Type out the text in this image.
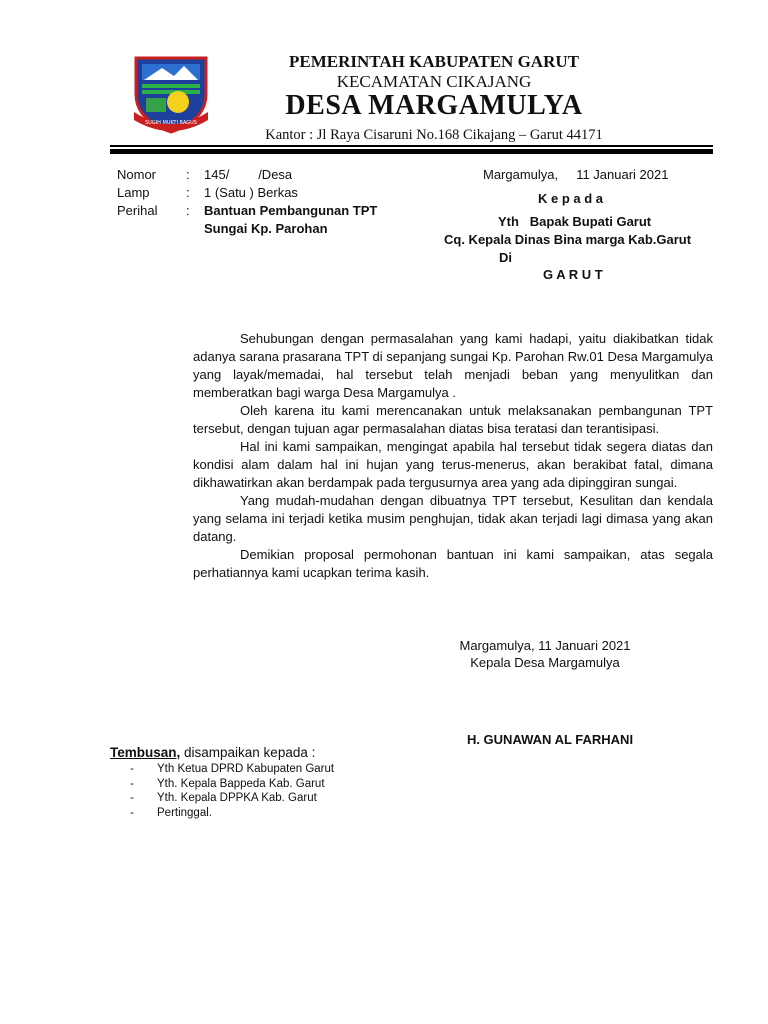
SUGIH MUKTI BAGUS
PEMERINTAH KABUPATEN GARUT
KECAMATAN CIKAJANG
DESA MARGAMULYA
Kantor : Jl Raya Cisaruni No.168 Cikajang – Garut 44171
Nomor : 145/        /Desa
Lamp	: 1 (Satu ) Berkas
Perihal : Bantuan Pembangunan TPT
Sungai Kp. Parohan
Margamulya,     11 Januari 2021
K e p a d a
Yth   Bapak Bupati Garut
Cq. Kepala Dinas Bina marga Kab.Garut
Di
G A R U T

Sehubungan dengan permasalahan yang kami hadapi, yaitu diakibatkan tidak adanya sarana prasarana TPT di sepanjang sungai Kp. Parohan Rw.01 Desa Margamulya yang layak/memadai, hal tersebut telah menjadi beban yang menyulitkan dan memberatkan bagi warga Desa Margamulya .

Oleh karena itu kami merencanakan untuk melaksanakan pembangunan TPT tersebut, dengan tujuan agar permasalahan diatas bisa teratasi dan terantisipasi.

Hal ini kami sampaikan, mengingat apabila hal tersebut tidak segera diatas dan kondisi alam dalam hal ini hujan yang terus-menerus, akan berakibat fatal, dimana dikhawatirkan akan berdampak pada tergusurnya area yang ada dipinggiran sungai.

Yang mudah-mudahan dengan dibuatnya TPT tersebut, Kesulitan dan kendala yang selama ini terjadi ketika musim penghujan, tidak akan terjadi lagi dimasa yang akan datang.

Demikian proposal permohonan bantuan ini kami sampaikan, atas segala perhatiannya kami ucapkan terima kasih.

Margamulya, 11 Januari 2021
Kepala Desa Margamulya
H. GUNAWAN AL FARHANI
Tembusan, disampaikan kepada :
- Yth Ketua DPRD Kabupaten Garut
- Yth. Kepala Bappeda Kab. Garut
- Yth. Kepala DPPKA Kab. Garut
- Pertinggal.
